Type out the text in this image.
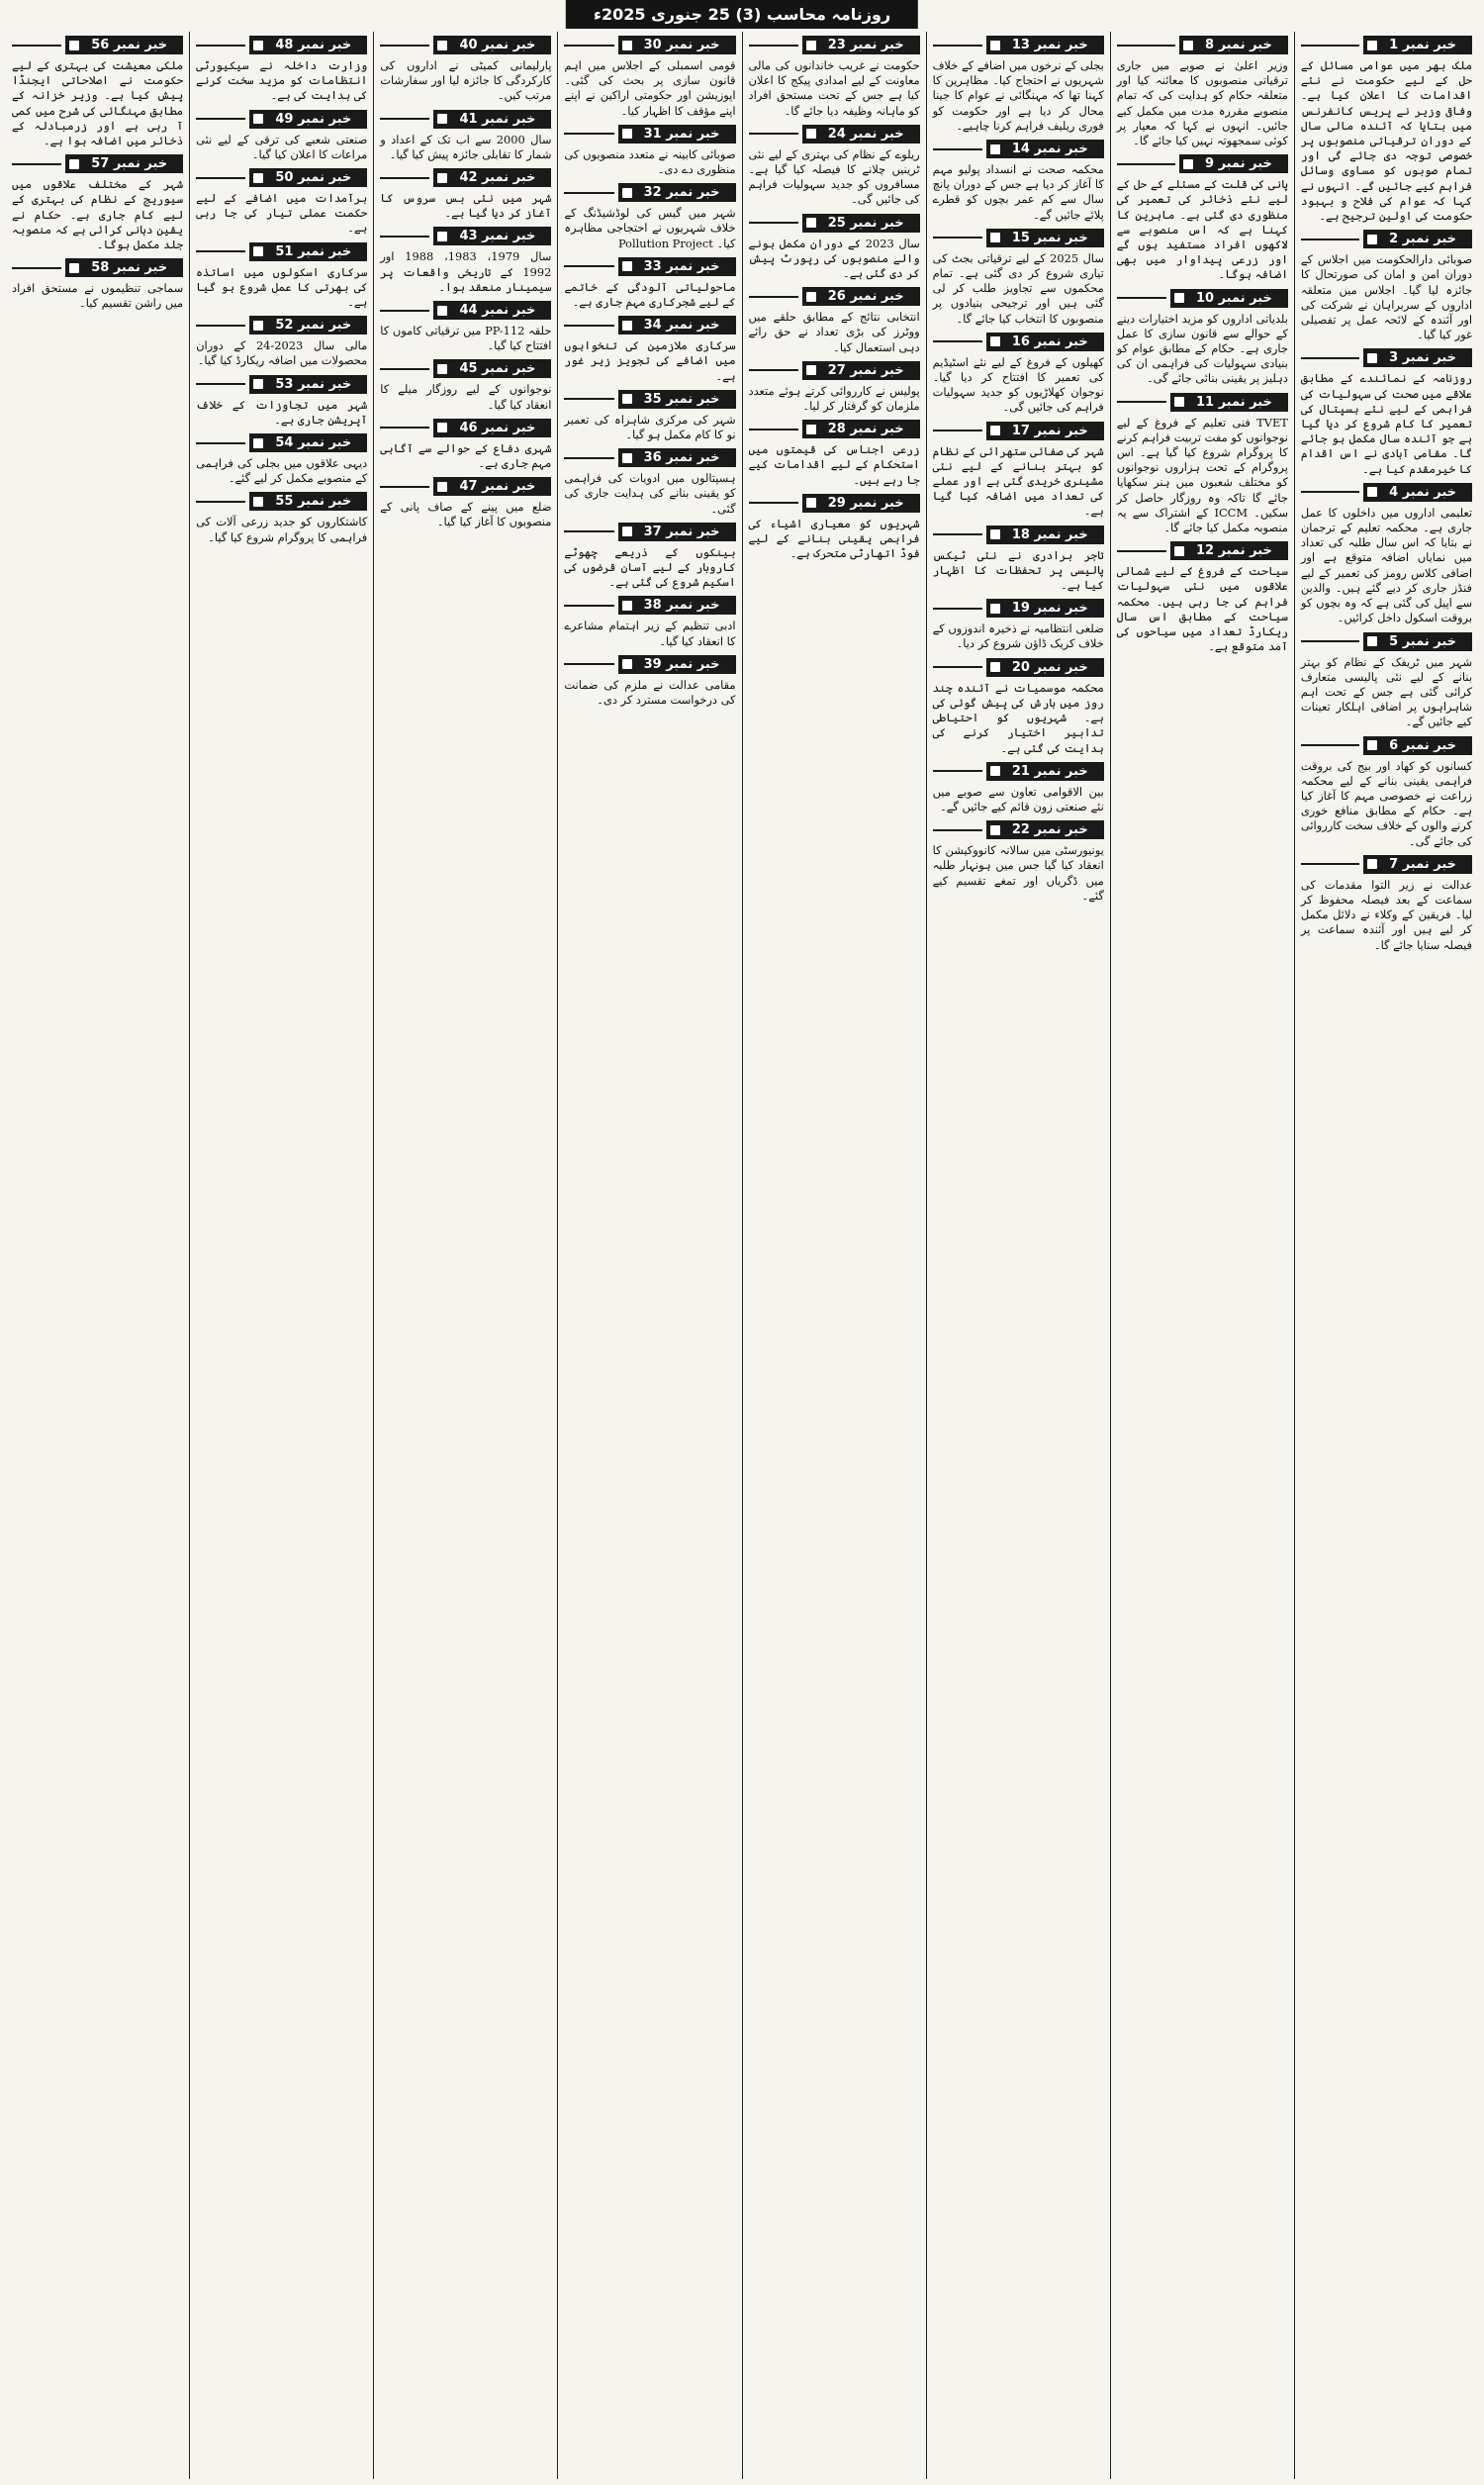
روزنامہ محاسب (3) 25 جنوری 2025ء
خبر نمبر 1

ملک بھر میں عوامی مسائل کے حل کے لیے حکومت نے نئے اقدامات کا اعلان کیا ہے۔ وفاقی وزیر نے پریس کانفرنس میں بتایا کہ آئندہ مالی سال کے دوران ترقیاتی منصوبوں پر خصوصی توجہ دی جائے گی اور تمام صوبوں کو مساوی وسائل فراہم کیے جائیں گے۔ انہوں نے کہا کہ عوام کی فلاح و بہبود حکومت کی اولین ترجیح ہے۔

خبر نمبر 2

صوبائی دارالحکومت میں اجلاس کے دوران امن و امان کی صورتحال کا جائزہ لیا گیا۔ اجلاس میں متعلقہ اداروں کے سربراہان نے شرکت کی اور آئندہ کے لائحہ عمل پر تفصیلی غور کیا گیا۔

خبر نمبر 3

روزنامہ کے نمائندے کے مطابق علاقے میں صحت کی سہولیات کی فراہمی کے لیے نئے ہسپتال کی تعمیر کا کام شروع کر دیا گیا ہے جو آئندہ سال مکمل ہو جائے گا۔ مقامی آبادی نے اس اقدام کا خیرمقدم کیا ہے۔

خبر نمبر 4

تعلیمی اداروں میں داخلوں کا عمل جاری ہے۔ محکمہ تعلیم کے ترجمان نے بتایا کہ اس سال طلبہ کی تعداد میں نمایاں اضافہ متوقع ہے اور اضافی کلاس رومز کی تعمیر کے لیے فنڈز جاری کر دیے گئے ہیں۔ والدین سے اپیل کی گئی ہے کہ وہ بچوں کو بروقت اسکول داخل کرائیں۔

خبر نمبر 5

شہر میں ٹریفک کے نظام کو بہتر بنانے کے لیے نئی پالیسی متعارف کرائی گئی ہے جس کے تحت اہم شاہراہوں پر اضافی اہلکار تعینات کیے جائیں گے۔

خبر نمبر 6

کسانوں کو کھاد اور بیج کی بروقت فراہمی یقینی بنانے کے لیے محکمہ زراعت نے خصوصی مہم کا آغاز کیا ہے۔ حکام کے مطابق منافع خوری کرنے والوں کے خلاف سخت کارروائی کی جائے گی۔

خبر نمبر 7

عدالت نے زیر التوا مقدمات کی سماعت کے بعد فیصلہ محفوظ کر لیا۔ فریقین کے وکلاء نے دلائل مکمل کر لیے ہیں اور آئندہ سماعت پر فیصلہ سنایا جائے گا۔

خبر نمبر 8

وزیر اعلیٰ نے صوبے میں جاری ترقیاتی منصوبوں کا معائنہ کیا اور متعلقہ حکام کو ہدایت کی کہ تمام منصوبے مقررہ مدت میں مکمل کیے جائیں۔ انہوں نے کہا کہ معیار پر کوئی سمجھوتہ نہیں کیا جائے گا۔

خبر نمبر 9

پانی کی قلت کے مسئلے کے حل کے لیے نئے ذخائر کی تعمیر کی منظوری دی گئی ہے۔ ماہرین کا کہنا ہے کہ اس منصوبے سے لاکھوں افراد مستفید ہوں گے اور زرعی پیداوار میں بھی اضافہ ہوگا۔

خبر نمبر 10

بلدیاتی اداروں کو مزید اختیارات دینے کے حوالے سے قانون سازی کا عمل جاری ہے۔ حکام کے مطابق عوام کو بنیادی سہولیات کی فراہمی ان کی دہلیز پر یقینی بنائی جائے گی۔

خبر نمبر 11

TVET فنی تعلیم کے فروغ کے لیے نوجوانوں کو مفت تربیت فراہم کرنے کا پروگرام شروع کیا گیا ہے۔ اس پروگرام کے تحت ہزاروں نوجوانوں کو مختلف شعبوں میں ہنر سکھایا جائے گا تاکہ وہ روزگار حاصل کر سکیں۔ ICCM کے اشتراک سے یہ منصوبہ مکمل کیا جائے گا۔

خبر نمبر 12

سیاحت کے فروغ کے لیے شمالی علاقوں میں نئی سہولیات فراہم کی جا رہی ہیں۔ محکمہ سیاحت کے مطابق اس سال ریکارڈ تعداد میں سیاحوں کی آمد متوقع ہے۔

خبر نمبر 13

بجلی کے نرخوں میں اضافے کے خلاف شہریوں نے احتجاج کیا۔ مظاہرین کا کہنا تھا کہ مہنگائی نے عوام کا جینا محال کر دیا ہے اور حکومت کو فوری ریلیف فراہم کرنا چاہیے۔

خبر نمبر 14

محکمہ صحت نے انسداد پولیو مہم کا آغاز کر دیا ہے جس کے دوران پانچ سال سے کم عمر بچوں کو قطرے پلائے جائیں گے۔

خبر نمبر 15

سال 2025 کے لیے ترقیاتی بجٹ کی تیاری شروع کر دی گئی ہے۔ تمام محکموں سے تجاویز طلب کر لی گئی ہیں اور ترجیحی بنیادوں پر منصوبوں کا انتخاب کیا جائے گا۔

خبر نمبر 16

کھیلوں کے فروغ کے لیے نئے اسٹیڈیم کی تعمیر کا افتتاح کر دیا گیا۔ نوجوان کھلاڑیوں کو جدید سہولیات فراہم کی جائیں گی۔

خبر نمبر 17

شہر کی صفائی ستھرائی کے نظام کو بہتر بنانے کے لیے نئی مشینری خریدی گئی ہے اور عملے کی تعداد میں اضافہ کیا گیا ہے۔

خبر نمبر 18

تاجر برادری نے نئی ٹیکس پالیسی پر تحفظات کا اظہار کیا ہے۔

خبر نمبر 19

ضلعی انتظامیہ نے ذخیرہ اندوزوں کے خلاف کریک ڈاؤن شروع کر دیا۔

خبر نمبر 20

محکمہ موسمیات نے آئندہ چند روز میں بارش کی پیش گوئی کی ہے۔ شہریوں کو احتیاطی تدابیر اختیار کرنے کی ہدایت کی گئی ہے۔

خبر نمبر 21

بین الاقوامی تعاون سے صوبے میں نئے صنعتی زون قائم کیے جائیں گے۔

خبر نمبر 22

یونیورسٹی میں سالانہ کانووکیشن کا انعقاد کیا گیا جس میں ہونہار طلبہ میں ڈگریاں اور تمغے تقسیم کیے گئے۔

خبر نمبر 23

حکومت نے غریب خاندانوں کی مالی معاونت کے لیے امدادی پیکج کا اعلان کیا ہے جس کے تحت مستحق افراد کو ماہانہ وظیفہ دیا جائے گا۔

خبر نمبر 24

ریلوے کے نظام کی بہتری کے لیے نئی ٹرینیں چلانے کا فیصلہ کیا گیا ہے۔ مسافروں کو جدید سہولیات فراہم کی جائیں گی۔

خبر نمبر 25

سال 2023 کے دوران مکمل ہونے والے منصوبوں کی رپورٹ پیش کر دی گئی ہے۔

خبر نمبر 26

انتخابی نتائج کے مطابق حلقے میں ووٹرز کی بڑی تعداد نے حق رائے دہی استعمال کیا۔

خبر نمبر 27

پولیس نے کارروائی کرتے ہوئے متعدد ملزمان کو گرفتار کر لیا۔

خبر نمبر 28

زرعی اجناس کی قیمتوں میں استحکام کے لیے اقدامات کیے جا رہے ہیں۔

خبر نمبر 29

شہریوں کو معیاری اشیاء کی فراہمی یقینی بنانے کے لیے فوڈ اتھارٹی متحرک ہے۔

خبر نمبر 30

قومی اسمبلی کے اجلاس میں اہم قانون سازی پر بحث کی گئی۔ اپوزیشن اور حکومتی اراکین نے اپنے اپنے مؤقف کا اظہار کیا۔

خبر نمبر 31

صوبائی کابینہ نے متعدد منصوبوں کی منظوری دے دی۔

خبر نمبر 32

شہر میں گیس کی لوڈشیڈنگ کے خلاف شہریوں نے احتجاجی مظاہرہ کیا۔ Pollution Project

خبر نمبر 33

ماحولیاتی آلودگی کے خاتمے کے لیے شجرکاری مہم جاری ہے۔

خبر نمبر 34

سرکاری ملازمین کی تنخواہوں میں اضافے کی تجویز زیر غور ہے۔

خبر نمبر 35

شہر کی مرکزی شاہراہ کی تعمیر نو کا کام مکمل ہو گیا۔

خبر نمبر 36

ہسپتالوں میں ادویات کی فراہمی کو یقینی بنانے کی ہدایت جاری کی گئی۔

خبر نمبر 37

بینکوں کے ذریعے چھوٹے کاروبار کے لیے آسان قرضوں کی اسکیم شروع کی گئی ہے۔

خبر نمبر 38

ادبی تنظیم کے زیر اہتمام مشاعرے کا انعقاد کیا گیا۔

خبر نمبر 39

مقامی عدالت نے ملزم کی ضمانت کی درخواست مسترد کر دی۔

خبر نمبر 40

پارلیمانی کمیٹی نے اداروں کی کارکردگی کا جائزہ لیا اور سفارشات مرتب کیں۔

خبر نمبر 41

سال 2000 سے اب تک کے اعداد و شمار کا تقابلی جائزہ پیش کیا گیا۔

خبر نمبر 42

شہر میں نئی بس سروس کا آغاز کر دیا گیا ہے۔

خبر نمبر 43

سال 1979، 1983، 1988 اور 1992 کے تاریخی واقعات پر سیمینار منعقد ہوا۔

خبر نمبر 44

حلقہ PP-112 میں ترقیاتی کاموں کا افتتاح کیا گیا۔

خبر نمبر 45

نوجوانوں کے لیے روزگار میلے کا انعقاد کیا گیا۔

خبر نمبر 46

شہری دفاع کے حوالے سے آگاہی مہم جاری ہے۔

خبر نمبر 47

ضلع میں پینے کے صاف پانی کے منصوبوں کا آغاز کیا گیا۔

خبر نمبر 48

وزارت داخلہ نے سیکیورٹی انتظامات کو مزید سخت کرنے کی ہدایت کی ہے۔

خبر نمبر 49

صنعتی شعبے کی ترقی کے لیے نئی مراعات کا اعلان کیا گیا۔

خبر نمبر 50

برآمدات میں اضافے کے لیے حکمت عملی تیار کی جا رہی ہے۔

خبر نمبر 51

سرکاری اسکولوں میں اساتذہ کی بھرتی کا عمل شروع ہو گیا ہے۔

خبر نمبر 52

مالی سال 2023-24 کے دوران محصولات میں اضافہ ریکارڈ کیا گیا۔

خبر نمبر 53

شہر میں تجاوزات کے خلاف آپریشن جاری ہے۔

خبر نمبر 54

دیہی علاقوں میں بجلی کی فراہمی کے منصوبے مکمل کر لیے گئے۔

خبر نمبر 55

کاشتکاروں کو جدید زرعی آلات کی فراہمی کا پروگرام شروع کیا گیا۔

خبر نمبر 56

ملکی معیشت کی بہتری کے لیے حکومت نے اصلاحاتی ایجنڈا پیش کیا ہے۔ وزیر خزانہ کے مطابق مہنگائی کی شرح میں کمی آ رہی ہے اور زرمبادلہ کے ذخائر میں اضافہ ہوا ہے۔

خبر نمبر 57

شہر کے مختلف علاقوں میں سیوریج کے نظام کی بہتری کے لیے کام جاری ہے۔ حکام نے یقین دہانی کرائی ہے کہ منصوبہ جلد مکمل ہوگا۔

خبر نمبر 58

سماجی تنظیموں نے مستحق افراد میں راشن تقسیم کیا۔
